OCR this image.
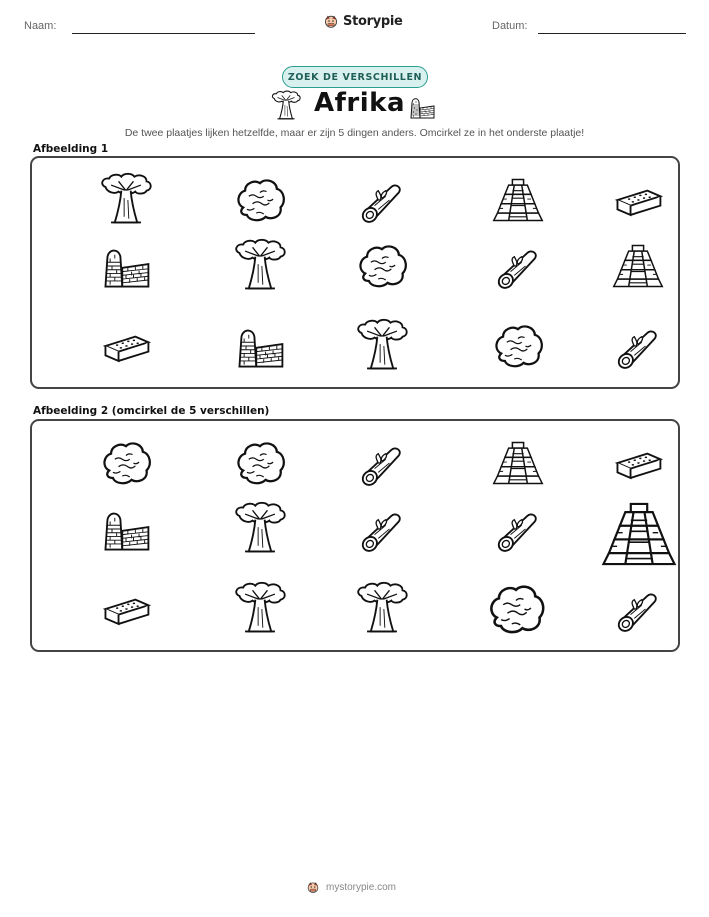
Naam:	Storypie	Datum:
ZOEK DE VERSCHILLEN
Afrika
De twee plaatjes lijken hetzelfde, maar er zijn 5 dingen anders. Omcirkel ze in het onderste plaatje!
Afbeelding 1
Afbeelding 2 (omcirkel de 5 verschillen)
mystorypie.com
